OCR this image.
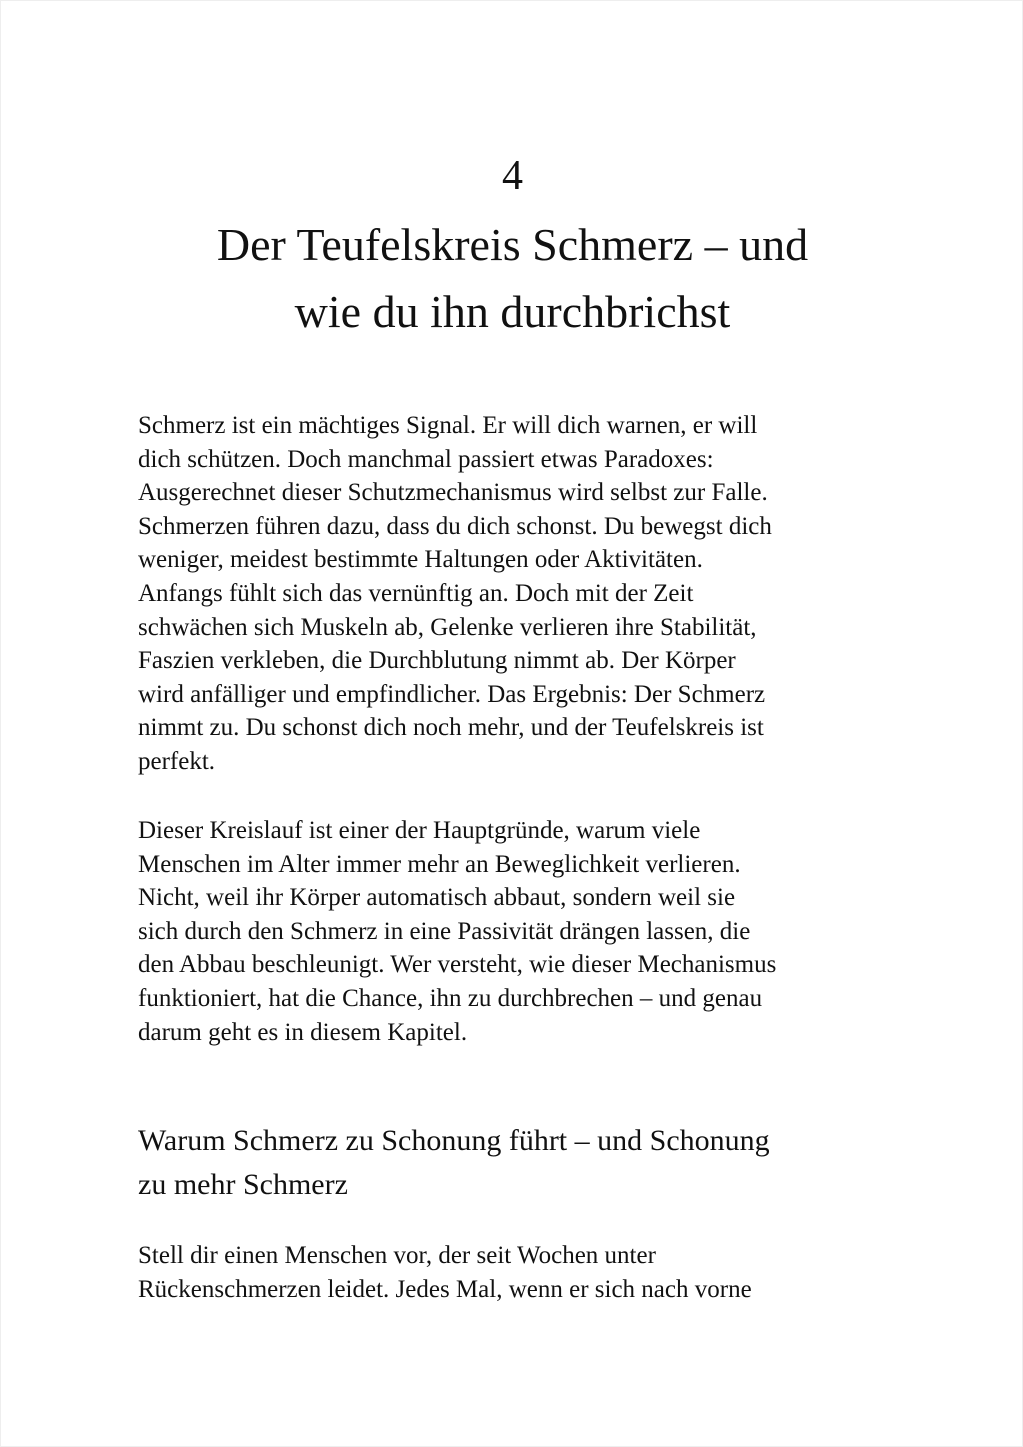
4
Der Teufelskreis Schmerz – und
wie du ihn durchbrichst
Schmerz ist ein mächtiges Signal. Er will dich warnen, er will
dich schützen. Doch manchmal passiert etwas Paradoxes:
Ausgerechnet dieser Schutzmechanismus wird selbst zur Falle.
Schmerzen führen dazu, dass du dich schonst. Du bewegst dich
weniger, meidest bestimmte Haltungen oder Aktivitäten.
Anfangs fühlt sich das vernünftig an. Doch mit der Zeit
schwächen sich Muskeln ab, Gelenke verlieren ihre Stabilität,
Faszien verkleben, die Durchblutung nimmt ab. Der Körper
wird anfälliger und empfindlicher. Das Ergebnis: Der Schmerz
nimmt zu. Du schonst dich noch mehr, und der Teufelskreis ist
perfekt.
Dieser Kreislauf ist einer der Hauptgründe, warum viele
Menschen im Alter immer mehr an Beweglichkeit verlieren.
Nicht, weil ihr Körper automatisch abbaut, sondern weil sie
sich durch den Schmerz in eine Passivität drängen lassen, die
den Abbau beschleunigt. Wer versteht, wie dieser Mechanismus
funktioniert, hat die Chance, ihn zu durchbrechen – und genau
darum geht es in diesem Kapitel.
Warum Schmerz zu Schonung führt – und Schonung
zu mehr Schmerz
Stell dir einen Menschen vor, der seit Wochen unter
Rückenschmerzen leidet. Jedes Mal, wenn er sich nach vorne
